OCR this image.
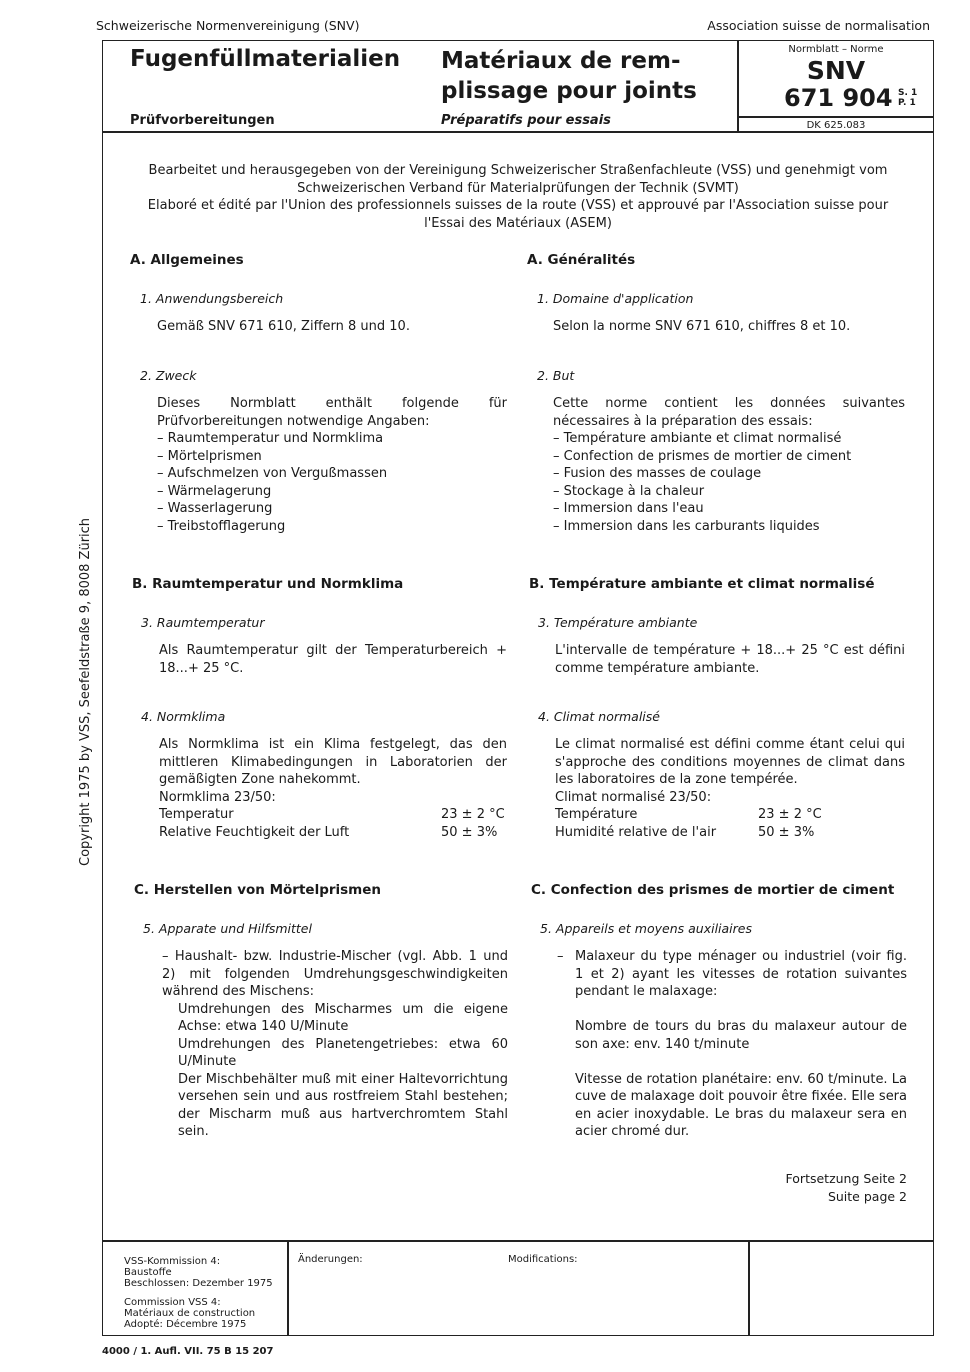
Schweizerische Normenvereinigung (SNV)	Association suisse de normalisation
Fugenfüllmaterialien Matériaux de rem-
plissage pour joints
Prüfvorbereitungen	Préparatifs pour essais
Normblatt – Norme
SNV
671 904 S. 1
P. 1
DK 625.083
Bearbeitet und herausgegeben von der Vereinigung Schweizerischer Straßenfachleute (VSS) und genehmigt vom Schweizerischen Verband für Materialprüfungen der Technik (SVMT)
Elaboré et édité par l'Union des professionnels suisses de la route (VSS) et approuvé par l'Association suisse pour l'Essai des Matériaux (ASEM)
Copyright 1975 by VSS, Seefeldstraße 9, 8008 Zürich
A. Allgemeines
1. Anwendungsbereich
Gemäß SNV 671 610, Ziffern 8 und 10.
2. Zweck
Dieses Normblatt enthält folgende für Prüfvorbereitungen notwendige Angaben:
– Raumtemperatur und Normklima
– Mörtelprismen
– Aufschmelzen von Vergußmassen
– Wärmelagerung
– Wasserlagerung
– Treibstofflagerung
B. Raumtemperatur und Normklima
3. Raumtemperatur
Als Raumtemperatur gilt der Temperaturbereich + 18...+ 25 °C.
4. Normklima
Als Normklima ist ein Klima festgelegt, das den mittleren Klimabedingungen in Laboratorien der gemäßigten Zone nahekommt.
Normklima 23/50:
Temperatur	23 ± 2 °C
Relative Feuchtigkeit der Luft	50 ± 3%
C. Herstellen von Mörtelprismen
5. Apparate und Hilfsmittel
– Haushalt- bzw. Industrie-Mischer (vgl. Abb. 1 und 2) mit folgenden Umdrehungsgeschwindigkeiten während des Mischens:
Umdrehungen des Mischarmes um die eigene Achse: etwa 140 U/Minute
Umdrehungen des Planetengetriebes: etwa 60 U/Minute
Der Mischbehälter muß mit einer Haltevorrichtung versehen sein und aus rostfreiem Stahl bestehen; der Mischarm muß aus hartverchromtem Stahl sein.
A. Généralités
1. Domaine d'application
Selon la norme SNV 671 610, chiffres 8 et 10.
2. But
Cette norme contient les données suivantes nécessaires à la préparation des essais:
– Température ambiante et climat normalisé
– Confection de prismes de mortier de ciment
– Fusion des masses de coulage
– Stockage à la chaleur
– Immersion dans l'eau
– Immersion dans les carburants liquides
B. Température ambiante et climat normalisé
3. Température ambiante
L'intervalle de température + 18...+ 25 °C est défini comme température ambiante.
4. Climat normalisé
Le climat normalisé est défini comme étant celui qui s'approche des conditions moyennes de climat dans les laboratoires de la zone tempérée.
Climat normalisé 23/50:
Température	23 ± 2 °C
Humidité relative de l'air	50 ± 3%
C. Confection des prismes de mortier de ciment
5. Appareils et moyens auxiliaires
– Malaxeur du type ménager ou industriel (voir fig. 1 et 2) ayant les vitesses de rotation suivantes pendant le malaxage:
Nombre de tours du bras du malaxeur autour de son axe: env. 140 t/minute
Vitesse de rotation planétaire: env. 60 t/minute. La cuve de malaxage doit pouvoir être fixée. Elle sera en acier inoxydable. Le bras du malaxeur sera en acier chromé dur.
Fortsetzung Seite 2
Suite page 2
VSS-Kommission 4:
Baustoffe
Beschlossen: Dezember 1975
Commission VSS 4:
Matériaux de construction
Adopté: Décembre 1975
Änderungen:	Modifications:
4000 / 1. Aufl. VII. 75 B 15 207
